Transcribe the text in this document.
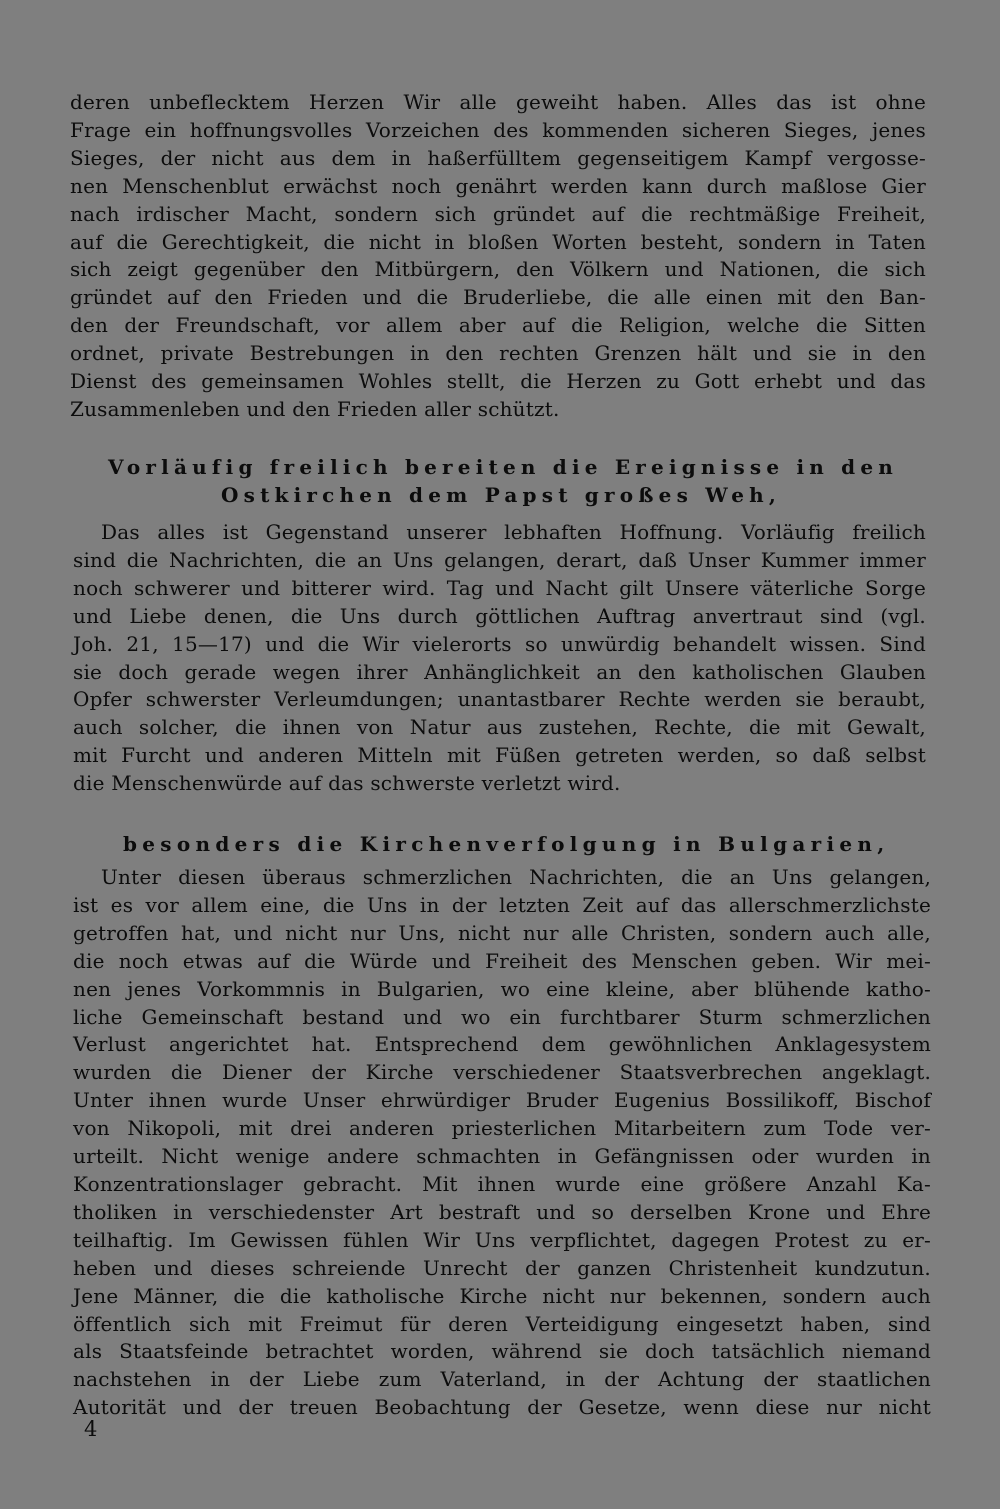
deren unbeflecktem Herzen Wir alle geweiht haben. Alles das ist ohne
Frage ein hoffnungsvolles Vorzeichen des kommenden sicheren Sieges, jenes
Sieges, der nicht aus dem in haßerfülltem gegenseitigem Kampf vergosse-
nen Menschenblut erwächst noch genährt werden kann durch maßlose Gier
nach irdischer Macht, sondern sich gründet auf die rechtmäßige Freiheit,
auf die Gerechtigkeit, die nicht in bloßen Worten besteht, sondern in Taten
sich zeigt gegenüber den Mitbürgern, den Völkern und Nationen, die sich
gründet auf den Frieden und die Bruderliebe, die alle einen mit den Ban-
den der Freundschaft, vor allem aber auf die Religion, welche die Sitten
ordnet, private Bestrebungen in den rechten Grenzen hält und sie in den
Dienst des gemeinsamen Wohles stellt, die Herzen zu Gott erhebt und das
Zusammenleben und den Frieden aller schützt.

Vorläufig freilich bereiten die Ereignisse in den
Ostkirchen dem Papst großes Weh,

Das alles ist Gegenstand unserer lebhaften Hoffnung. Vorläufig freilich
sind die Nachrichten, die an Uns gelangen, derart, daß Unser Kummer immer
noch schwerer und bitterer wird. Tag und Nacht gilt Unsere väterliche Sorge
und Liebe denen, die Uns durch göttlichen Auftrag anvertraut sind (vgl.
Joh. 21, 15—17) und die Wir vielerorts so unwürdig behandelt wissen. Sind
sie doch gerade wegen ihrer Anhänglichkeit an den katholischen Glauben
Opfer schwerster Verleumdungen; unantastbarer Rechte werden sie beraubt,
auch solcher, die ihnen von Natur aus zustehen, Rechte, die mit Gewalt,
mit Furcht und anderen Mitteln mit Füßen getreten werden, so daß selbst
die Menschenwürde auf das schwerste verletzt wird.

besonders die Kirchenverfolgung in Bulgarien,

Unter diesen überaus schmerzlichen Nachrichten, die an Uns gelangen,
ist es vor allem eine, die Uns in der letzten Zeit auf das allerschmerzlichste
getroffen hat, und nicht nur Uns, nicht nur alle Christen, sondern auch alle,
die noch etwas auf die Würde und Freiheit des Menschen geben. Wir mei-
nen jenes Vorkommnis in Bulgarien, wo eine kleine, aber blühende katho-
liche Gemeinschaft bestand und wo ein furchtbarer Sturm schmerzlichen
Verlust angerichtet hat. Entsprechend dem gewöhnlichen Anklagesystem
wurden die Diener der Kirche verschiedener Staatsverbrechen angeklagt.
Unter ihnen wurde Unser ehrwürdiger Bruder Eugenius Bossilikoff, Bischof
von Nikopoli, mit drei anderen priesterlichen Mitarbeitern zum Tode ver-
urteilt. Nicht wenige andere schmachten in Gefängnissen oder wurden in
Konzentrationslager gebracht. Mit ihnen wurde eine größere Anzahl Ka-
tholiken in verschiedenster Art bestraft und so derselben Krone und Ehre
teilhaftig. Im Gewissen fühlen Wir Uns verpflichtet, dagegen Protest zu er-
heben und dieses schreiende Unrecht der ganzen Christenheit kundzutun.
Jene Männer, die die katholische Kirche nicht nur bekennen, sondern auch
öffentlich sich mit Freimut für deren Verteidigung eingesetzt haben, sind
als Staatsfeinde betrachtet worden, während sie doch tatsächlich niemand
nachstehen in der Liebe zum Vaterland, in der Achtung der staatlichen
Autorität und der treuen Beobachtung der Gesetze, wenn diese nur nicht

4
